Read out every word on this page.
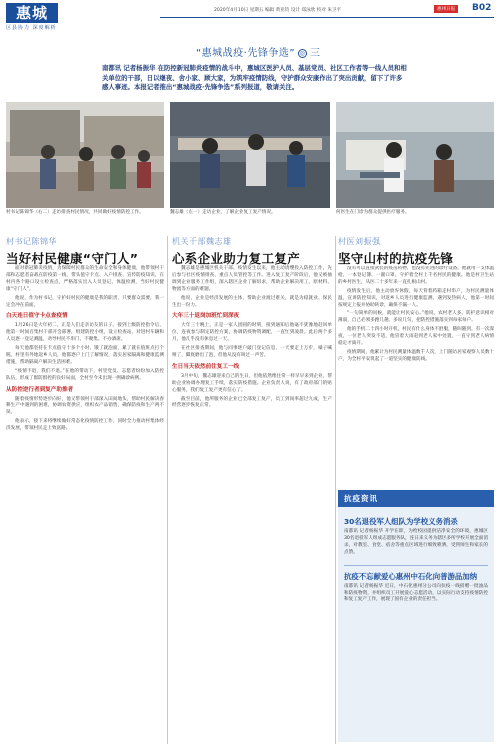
惠城
区县协力 深度解析
2020年4月10日 星期五 编辑 黄亚钧 设计 郑泳欣 校对 朱卫平	惠州日报	B02
“惠城战疫·先锋争选” ◎ 三
南都讯 记者杨振华 在防控新冠肺炎疫情的战斗中，惠城区医护人员、基层党员、社区工作者等一线人员和相关单位的干部，日以继夜、舍小家、顾大家，为筑牢疫情防线，守护群众安康作出了突出贡献，留下了许多感人事迹。本报记者推出“惠城战疫·先锋争选”系列报道，敬请关注。
村书记陈锦华（右二）走访排查村民情况，共同做好疫情防控工作。	魏志雄（左一）走访企业，了解企业复工复产情况。	何医生在门诊为群众提供医疗服务。
村书记陈锦华
当好村民健康“守门人”

面对新冠肺炎疫情，为保障村民群众的生命安全和身体健康，他带领村干部和志愿者奋战在防疫第一线，带头值守卡点、入户排查、宣传防疫知识，在村内各个路口设立检查点，严格落实出入人员登记、体温检测，当好村民健康“守门人”。

他说，作为村书记，守护好村民的健康是我的职责，只要群众需要，我一定会冲在前面。

白天连日值守卡点查疫情

1月26日是大年初二，正是人们走亲访友的日子。接到上级防控指令后，他第一时间召集村干部开会部署，组建防控小组，设立检查站，对进村车辆和人员逐一登记测温，劝导村民不串门、不聚集、不办酒席。

每天他都坚持在卡点值守十多个小时，饿了就泡面，累了就在值班点打个盹。村里有外地返乡人员，他都逐户上门了解情况，落实居家隔离和健康监测措施，帮助隔离户解决生活困难。

“疫情不退，我们不退。”在他的带动下，村里党员、志愿者纷纷加入防控队伍，形成了群防群控的良好局面，全村至今未出现一例确诊病例。

从防控逆行者到复产助推者

随着疫情形势逐步向好，他又带领村干部深入田间地头，帮助村民解决春耕生产中遇到的困难，协调农资供应，组织农产品销售，确保防疫和生产两不误。

他表示，接下来将继续做好常态化疫情防控工作，同时全力推动村集体经济发展，带领村民走上致富路。

机关干部魏志雄
心系企业助力复工复产

魏志雄是惠城区机关干部。疫情发生以来，他主动请缨投入防控工作，先后参与社区疫情排查、重点人员管控等工作。进入复工复产阶段后，他又被抽调到企业服务工作组，深入辖区企业了解诉求，帮助企业解决用工、原材料、物流等方面的难题。

他说，企业是经济发展的主体，帮助企业渡过难关，就是为稳就业、保民生出一份力。

大年三十返岗加班忙到深夜

大年三十晚上，正是一家人团圆的时刻，接到通知后他毫不犹豫地赶回单位，连夜参与制定防控方案，协调防疫物资调配，一直忙到凌晨。此后两个多月，他几乎没有休息过一天。

在社区排查期间，他与同事逐户敲门登记信息，一天要走上万步，嗓子喊哑了，脚底磨出了泡，但他从没有叫过一声苦。

生日当天依然前往复工一线

3月中旬，魏志雄迎来自己的生日，但他依然像往常一样早早来到企业，帮助企业协调办理复工手续，落实防疫措施。企业负责人说，有了政府部门的贴心服务，我们复工复产更有信心了。

截至目前，他所服务的企业已全部复工复产，员工到岗率超过九成，生产经营逐步恢复正常。

村医刘振强
坚守山村的抗疫先锋

没有可以直接武装的疫苗药物，也没有先进的诊疗设备，他就用一支体温枪、一本登记簿、一副口罩，守护着全村上千名村民的健康。他是村卫生站的乡村医生，从医二十多年来一直扎根山村。

疫情发生后，他主动放弃休假，每天背着药箱走村串户，为村民测量体温，宣讲防控知识，对返乡人员进行健康监测。遇到发热病人，他第一时间按规定上报并协助转诊，确保不漏一人。

“一句简单的问候，就能让村民安心。”他说，农村老人多、防护意识相对薄弱，自己必须多跑几趟、多说几句，把防控措施落实到每家每户。

他的手机二十四小时开机，村民有什么身体不舒服，随叫随到。有一次深夜，一位老人突发不适，他冒着大雨赶到老人家中处置，一直守到老人病情稳定才离开。

疫情期间，他累计为村民测量体温数千人次，上门随访居家观察人员数十户，为全村平安筑起了一道坚实的健康防线。

抗疫资讯
30名退役军人组队为学校义务消杀
南都讯 记者杨振华 开学在即，为给校园提供洁净安全的环境，惠城区30名退役军人组成志愿服务队，连日来义务为辖区多所学校开展全面消杀，对教室、食堂、宿舍等重点区域进行细致喷洒，受到师生和家长的点赞。
抗疫不忘献爱心惠州中石化向普游品加纳
南都讯 记者杨振华 近日，中石化惠州分公司向抗疫一线捐赠一批油品和防疫物资，并组织员工开展爱心志愿活动，以实际行动支持疫情防控和复工复产工作，展现了国有企业的责任担当。
